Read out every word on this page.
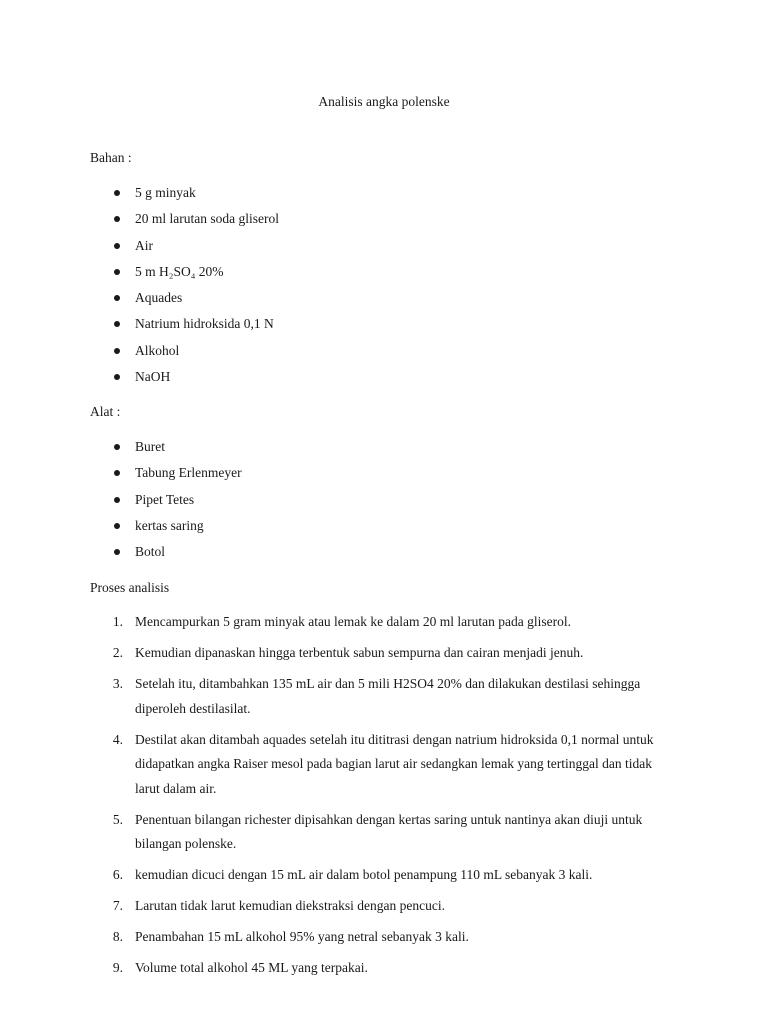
Analisis angka polenske
Bahan :
5 g minyak
20 ml larutan soda gliserol
Air
5 m H₂SO₄ 20%
Aquades
Natrium hidroksida 0,1 N
Alkohol
NaOH
Alat :
Buret
Tabung Erlenmeyer
Pipet Tetes
kertas saring
Botol
Proses analisis
1. Mencampurkan 5 gram minyak atau lemak ke dalam 20 ml larutan pada gliserol.
2. Kemudian dipanaskan hingga terbentuk sabun sempurna dan cairan menjadi jenuh.
3. Setelah itu, ditambahkan 135 mL air dan 5 mili H2SO4 20% dan dilakukan destilasi sehingga diperoleh destilasilat.
4. Destilat akan ditambah aquades setelah itu dititrasi dengan natrium hidroksida 0,1 normal untuk didapatkan angka Raiser mesol pada bagian larut air sedangkan lemak yang tertinggal dan tidak larut dalam air.
5. Penentuan bilangan richester dipisahkan dengan kertas saring untuk nantinya akan diuji untuk bilangan polenske.
6. kemudian dicuci dengan 15 mL air dalam botol penampung 110 mL sebanyak 3 kali.
7. Larutan tidak larut kemudian diekstraksi dengan pencuci.
8. Penambahan 15 mL alkohol 95% yang netral sebanyak 3 kali.
9. Volume total alkohol 45 ML yang terpakai.
